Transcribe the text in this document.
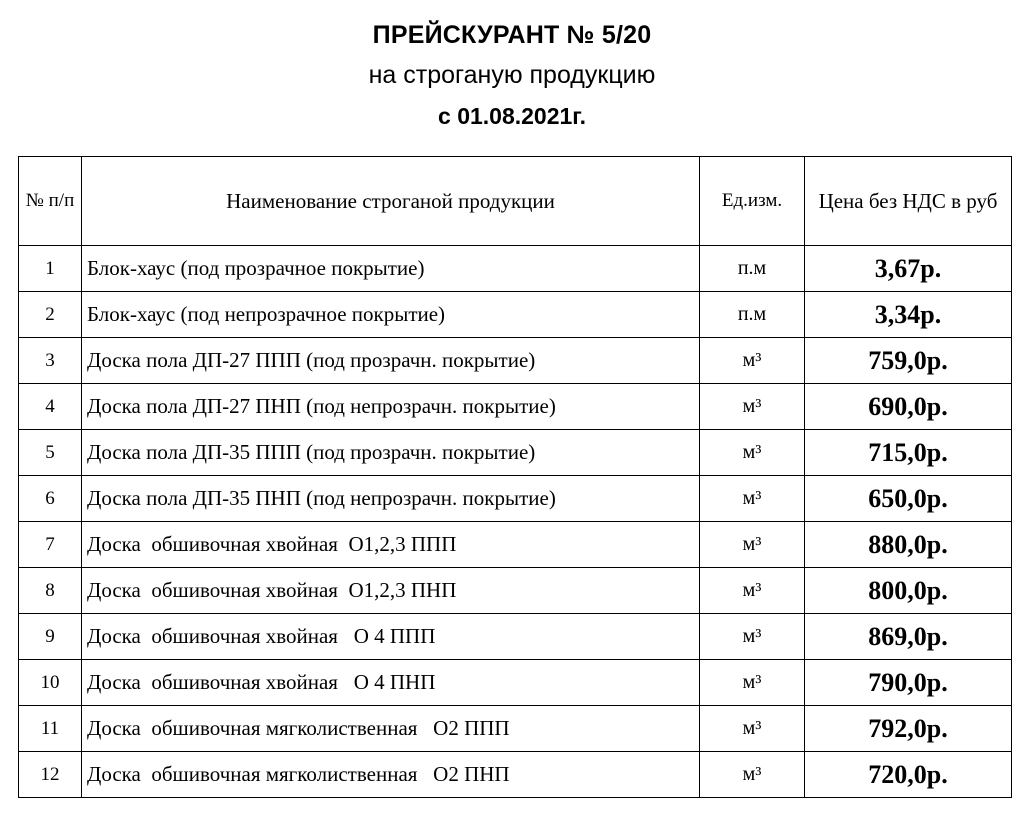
ПРЕЙСКУРАНТ № 5/20
на строганую продукцию
с 01.08.2021г.
№ п/п	Наименование строганой продукции	Ед.изм.	Цена без НДС в руб
1	Блок-хаус (под прозрачное покрытие)	п.м	3,67р.
2	Блок-хаус (под непрозрачное покрытие)	п.м	3,34р.
3	Доска пола ДП-27 ППП (под прозрачн. покрытие)	м³	759,0р.
4	Доска пола ДП-27 ПНП (под непрозрачн. покрытие)	м³	690,0р.
5	Доска пола ДП-35 ППП (под прозрачн. покрытие)	м³	715,0р.
6	Доска пола ДП-35 ПНП (под непрозрачн. покрытие)	м³	650,0р.
7	Доска  обшивочная хвойная  О1,2,3 ППП	м³	880,0р.
8	Доска  обшивочная хвойная  О1,2,3 ПНП	м³	800,0р.
9	Доска  обшивочная хвойная   О 4 ППП	м³	869,0р.
10	Доска  обшивочная хвойная   О 4 ПНП	м³	790,0р.
11	Доска  обшивочная мягколиственная   О2 ППП	м³	792,0р.
12	Доска  обшивочная мягколиственная   О2 ПНП	м³	720,0р.
